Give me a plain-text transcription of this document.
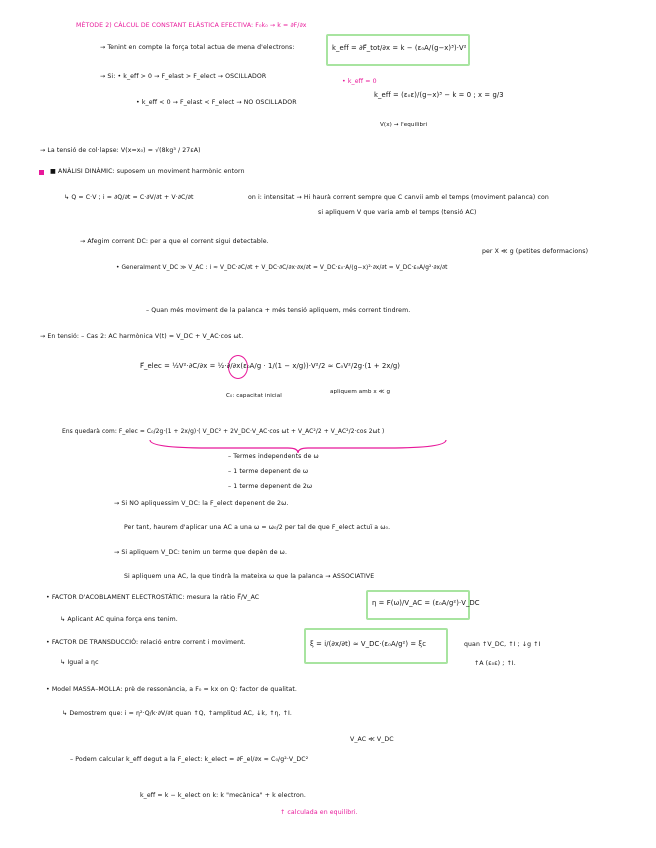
MÈTODE 2) CÀLCUL DE CONSTANT ELÀSTICA EFECTIVA: F₀k₀ → k = ∂F/∂x
→ Tenint en compte la força total actua de mena d'electrons:	k_eff = ∂F⃗_tot/∂x = k − (ε₀A/(g−x)³)·V²
→ Si: • k_eff > 0 → F_elast > F_elect → OSCILLADOR
• k_eff = 0
k_eff = (ε₀ε)/(g−x)³ − k = 0 ; x = g/3
• k_eff < 0 → F_elast < F_elect → NO OSCILLADOR
V(x) → l'equilibri
→ La tensió de col·lapse: V(x=x₀) = √(8kg³ / 27εA)
■ ANÀLISI DINÀMIC: suposem un moviment harmònic entorn
↳ Q = C·V ; i = ∂Q/∂t = C·∂V/∂t + V·∂C/∂t	on i: intensitat → Hi haurà corrent sempre que C canvii amb el temps (moviment palanca) con
si apliquem V que varia amb el temps (tensió AC)
→ Afegim corrent DC: per a que el corrent sigui detectable.
per X ≪ g (petites deformacions)
• Generalment V_DC ≫ V_AC : i ≈ V_DC·∂C/∂t + V_DC·∂C/∂x·∂x/∂t = V_DC·ε₀·A/(g−x)²·∂x/∂t ≈ V_DC·ε₀A/g²·∂x/∂t
– Quan més moviment de la palanca + més tensió apliquem, més corrent tindrem.
→ En tensió: – Cas 2: AC harmònica V(t) = V_DC + V_AC·cos ωt.
F⃗_elec = ½V²·∂C/∂x = ½·∂/∂x(ε₀A/g · 1/(1 − x/g))·V²/2 ≈ C₀V²/2g·(1 + 2x/g)
C₀: capacitat inicial
apliquem amb x ≪ g
Ens quedarà com: F_elec = C₀/2g·(1 + 2x/g)·( V_DC² + 2V_DC·V_AC·cos ωt + V_AC²/2 + V_AC²/2·cos 2ωt )
– Termes independents de ω
– 1 terme depenent de ω
– 1 terme depenent de 2ω
→ Si NO apliquessim V_DC: la F_elect depenent de 2ω.
Per tant, haurem d'aplicar una AC a una ω = ω₀/2 per tal de que F_elect actuï a ω₀.
→ Si apliquem V_DC: tenim un terme que depèn de ω.
Si apliquem una AC, la que tindrà la mateixa ω que la palanca → ASSOCIATIVE
• FACTOR D'ACOBLAMENT ELECTROSTÀTIC: mesura la ràtio F⃗/V_AC
η = F(ω)/V_AC = (ε₀A/g²)·V_DC
↳ Aplicant AC quina força ens tenim.
• FACTOR DE TRANSDUCCIÓ: relació entre corrent i moviment.	ξ = i/(∂x/∂t) ≈ V_DC·(ε₀A/g²) = ξc	quan ↑V_DC, ↑I ; ↓g ↑I
↳ Igual a ηc	↑A (ε₀ε) ; ↑I.
• Model MASSA–MOLLA: prè de ressonància, a F₀ = kx on Q: factor de qualitat.
↳ Demostrem que: i = η²·Q/k·∂V/∂t quan ↑Q, ↑amplitud AC, ↓k, ↑η, ↑I.
V_AC ≪ V_DC
– Podem calcular k_eff degut a la F_elect: k_elect = ∂F_el/∂x ≈ C₀/g²·V_DC²
k_eff = k − k_elect on k: k "mecànica" + k electron.
↑ calculada en equilibri.
